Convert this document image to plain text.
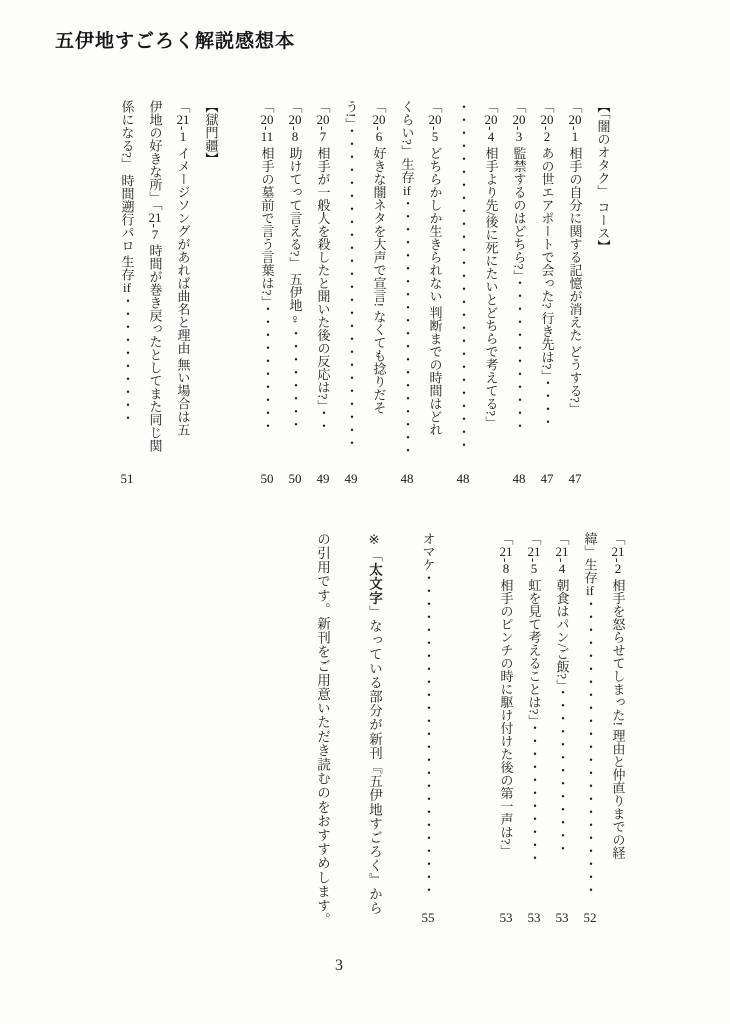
五伊地すごろく解説感想本
【「闇のオタク」 コース】
「20-1 相手の自分に関する記憶が消えた どうする?」
47
「20-2 あの世エアポートで会った? 行き先は?」・・・・
47
「20-3 監禁するのはどちら?」・・・・・・・・・・・・
48
「20-4 相手より先/後に死にたいとどちらで考えてる?」
・・・・・・・・・・・・・・・・・・・・・・・・・・・
48
「20-5 どちらかしか生きられない 判断までの時間はどれ
くらい?」生存if・・・・・・・・・・・・・・・・・・・・
48
「20-6 好きな闇ネタを大声で宣言! なくても捻りだそ
う!」・・・・・・・・・・・・・・・・・・・・・・・・・
49
「20-7 相手が一般人を殺したと聞いた後の反応は?」・・
49
「20-8 助けてって言える?」 五伊地♀・・・・・・・・
50
「20-11 相手の墓前で言う言葉は?」・・・・・・・・・・
50
【獄門疆】
「21-1 イメージソングがあれば曲名と理由 無い場合は五
伊地の好きな所」「21-7 時間が巻き戻ったとしてまた同じ関
係になる?」 時間遡行パロ 生存if・・・・・・・・・・
51
「21-2 相手を怒らせてしまった! 理由と仲直りまでの経
緯」生存if・・・・・・・・・・・・・・・・・・・・・・・
52
「21-4 朝食はパン/ご飯?」・・・・・・・・・・・・・
53
「21-5 虹を見て考えることは?」・・・・・・・・・・・
53
「21-8 相手のピンチの時に駆け付けた後の第一声は?」
53
オマケ・・・・・・・・・・・・・・・・・・・・・・・・・
55
※「太文字」なっている部分が新刊『五伊地すごろく』から
の引用です。新刊をご用意いただき読むのをおすすめします。
3
